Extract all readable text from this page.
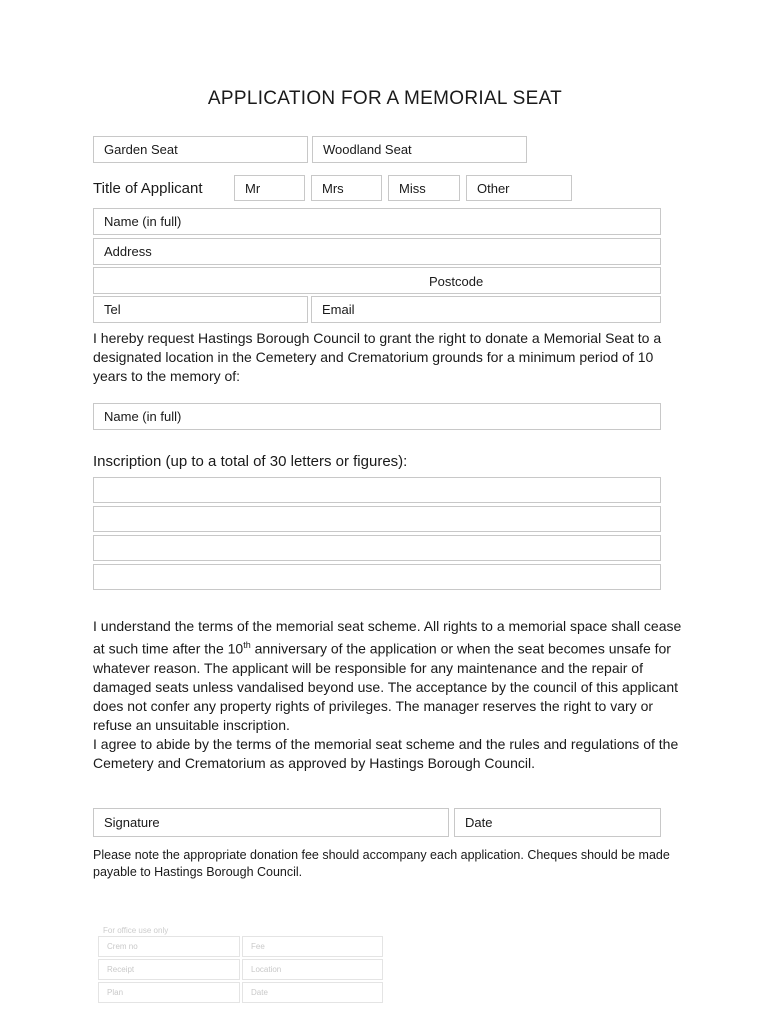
APPLICATION FOR A MEMORIAL SEAT
Garden Seat	Woodland Seat
Title of Applicant	Mr	Mrs	Miss	Other
Name (in full)
Address
Postcode
Tel	Email
I hereby request Hastings Borough Council to grant the right to donate a Memorial Seat to a designated location in the Cemetery and Crematorium grounds for a minimum period of 10 years to the memory of:
Name (in full)
Inscription (up to a total of 30 letters or figures):
I understand the terms of the memorial seat scheme. All rights to a memorial space shall cease at such time after the 10th anniversary of the application or when the seat becomes unsafe for whatever reason. The applicant will be responsible for any maintenance and the repair of damaged seats unless vandalised beyond use. The acceptance by the council of this applicant does not confer any property rights of privileges. The manager reserves the right to vary or refuse an unsuitable inscription.
I agree to abide by the terms of the memorial seat scheme and the rules and regulations of the Cemetery and Crematorium as approved by Hastings Borough Council.
Signature	Date
Please note the appropriate donation fee should accompany each application. Cheques should be made payable to Hastings Borough Council.
For office use only
Crem no	Fee
Receipt	Location
Plan	Date
